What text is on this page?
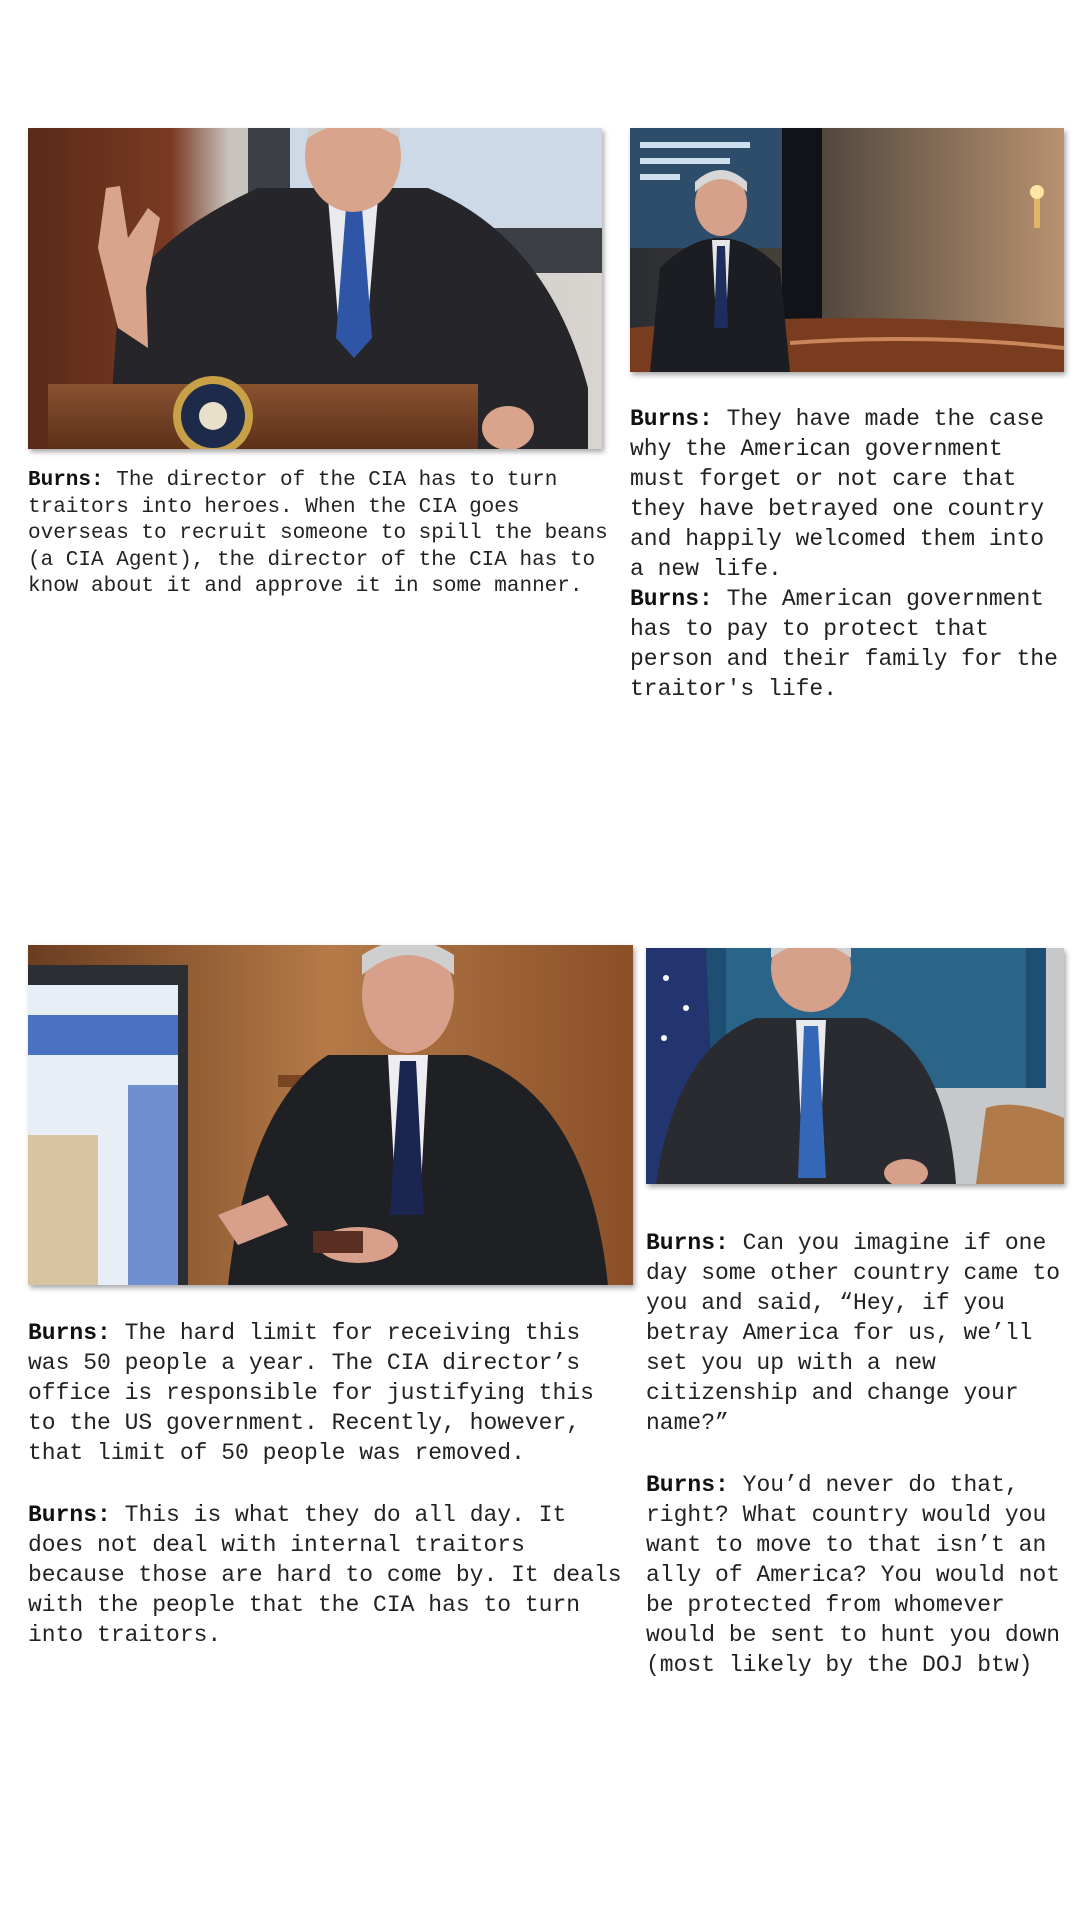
Burns: The director of the CIA has to turn traitors into heroes. When the CIA goes overseas to recruit someone to spill the beans (a CIA Agent), the director of the CIA has to know about it and approve it in some manner.

Burns: They have made the case why the American government must forget or not care that they have betrayed one country and happily welcomed them into a new life.

Burns: The American government has to pay to protect that person and their family for the traitor's life.

Burns: The hard limit for receiving this was 50 people a year. The CIA director’s office is responsible for justifying this to the US government. Recently, however, that limit of 50 people was removed.

Burns: This is what they do all day. It does not deal with internal traitors because those are hard to come by. It deals with the people that the CIA has to turn into traitors.

Burns: Can you imagine if one day some other country came to you and said, “Hey, if you betray America for us, we’ll set you up with a new citizenship and change your name?”

Burns: You’d never do that, right? What country would you want to move to that isn’t an ally of America? You would not be protected from whomever would be sent to hunt you down (most likely by the DOJ btw)
